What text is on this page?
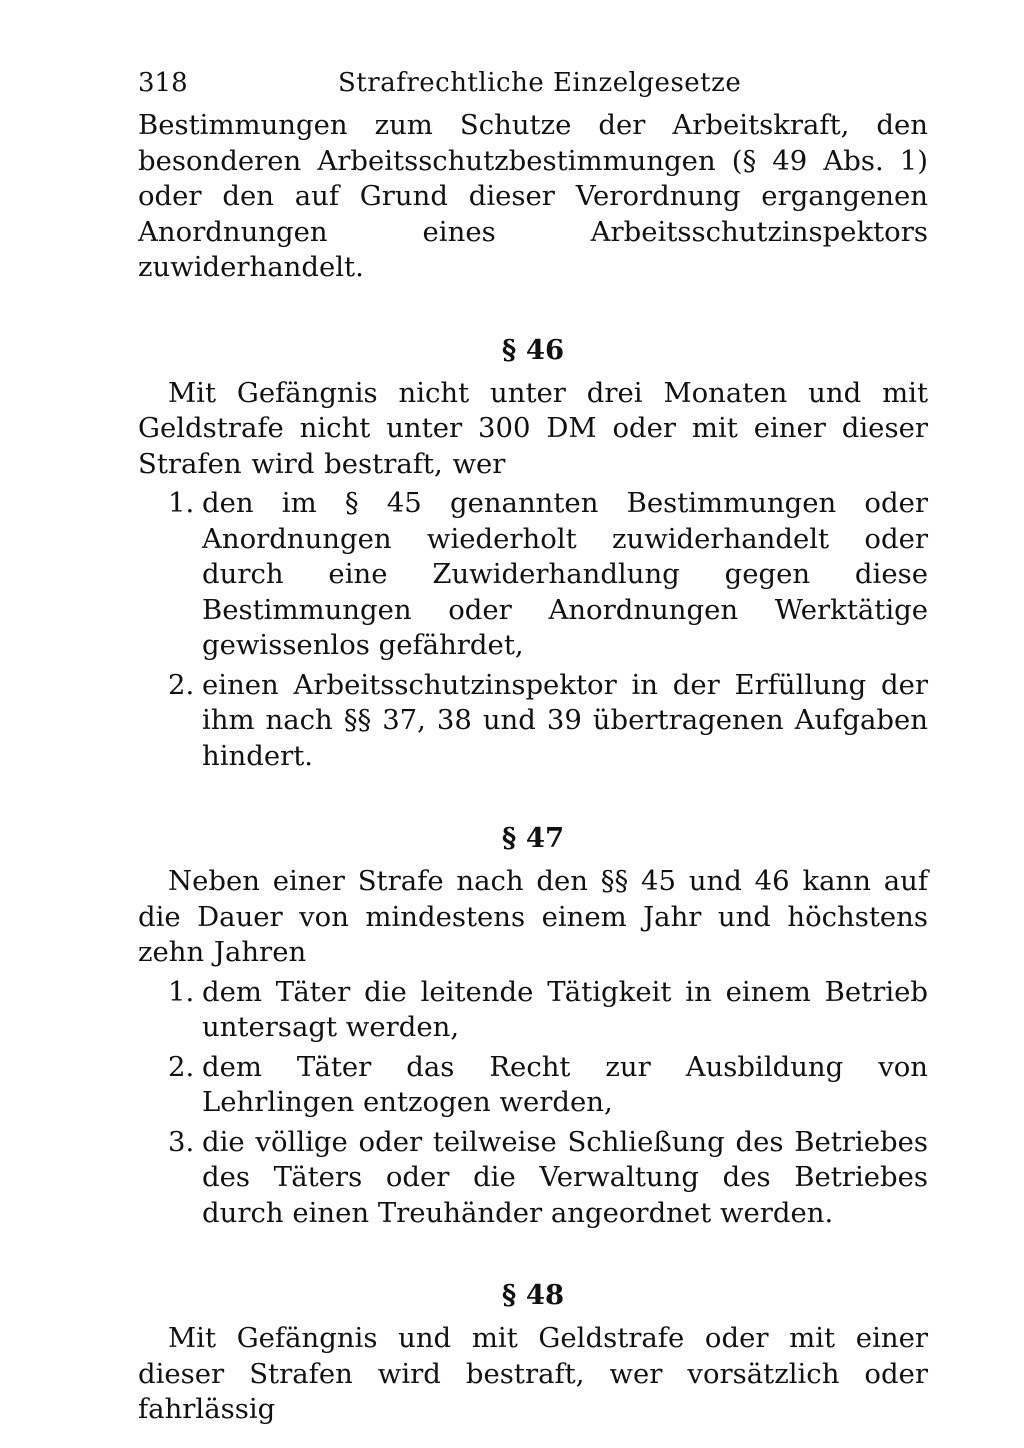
318	Strafrechtliche Einzelgesetze

Bestimmungen zum Schutze der Arbeitskraft, den besonderen Arbeitsschutzbestimmungen (§ 49 Abs. 1) oder den auf Grund dieser Verordnung ergangenen Anordnungen eines Arbeitsschutzinspektors zuwiderhandelt.

§ 46

Mit Gefängnis nicht unter drei Monaten und mit Geldstrafe nicht unter 300 DM oder mit einer dieser Strafen wird bestraft, wer

1. den im § 45 genannten Bestimmungen oder Anordnungen wiederholt zuwiderhandelt oder durch eine Zuwiderhandlung gegen diese Bestimmungen oder Anordnungen Werktätige gewissenlos gefährdet,
2. einen Arbeitsschutzinspektor in der Erfüllung der ihm nach §§ 37, 38 und 39 übertragenen Aufgaben hindert.

§ 47

Neben einer Strafe nach den §§ 45 und 46 kann auf die Dauer von mindestens einem Jahr und höchstens zehn Jahren

1. dem Täter die leitende Tätigkeit in einem Betrieb untersagt werden,
2. dem Täter das Recht zur Ausbildung von Lehrlingen entzogen werden,
3. die völlige oder teilweise Schließung des Betriebes des Täters oder die Verwaltung des Betriebes durch einen Treuhänder angeordnet werden.

§ 48

Mit Gefängnis und mit Geldstrafe oder mit einer dieser Strafen wird bestraft, wer vorsätzlich oder fahrlässig
